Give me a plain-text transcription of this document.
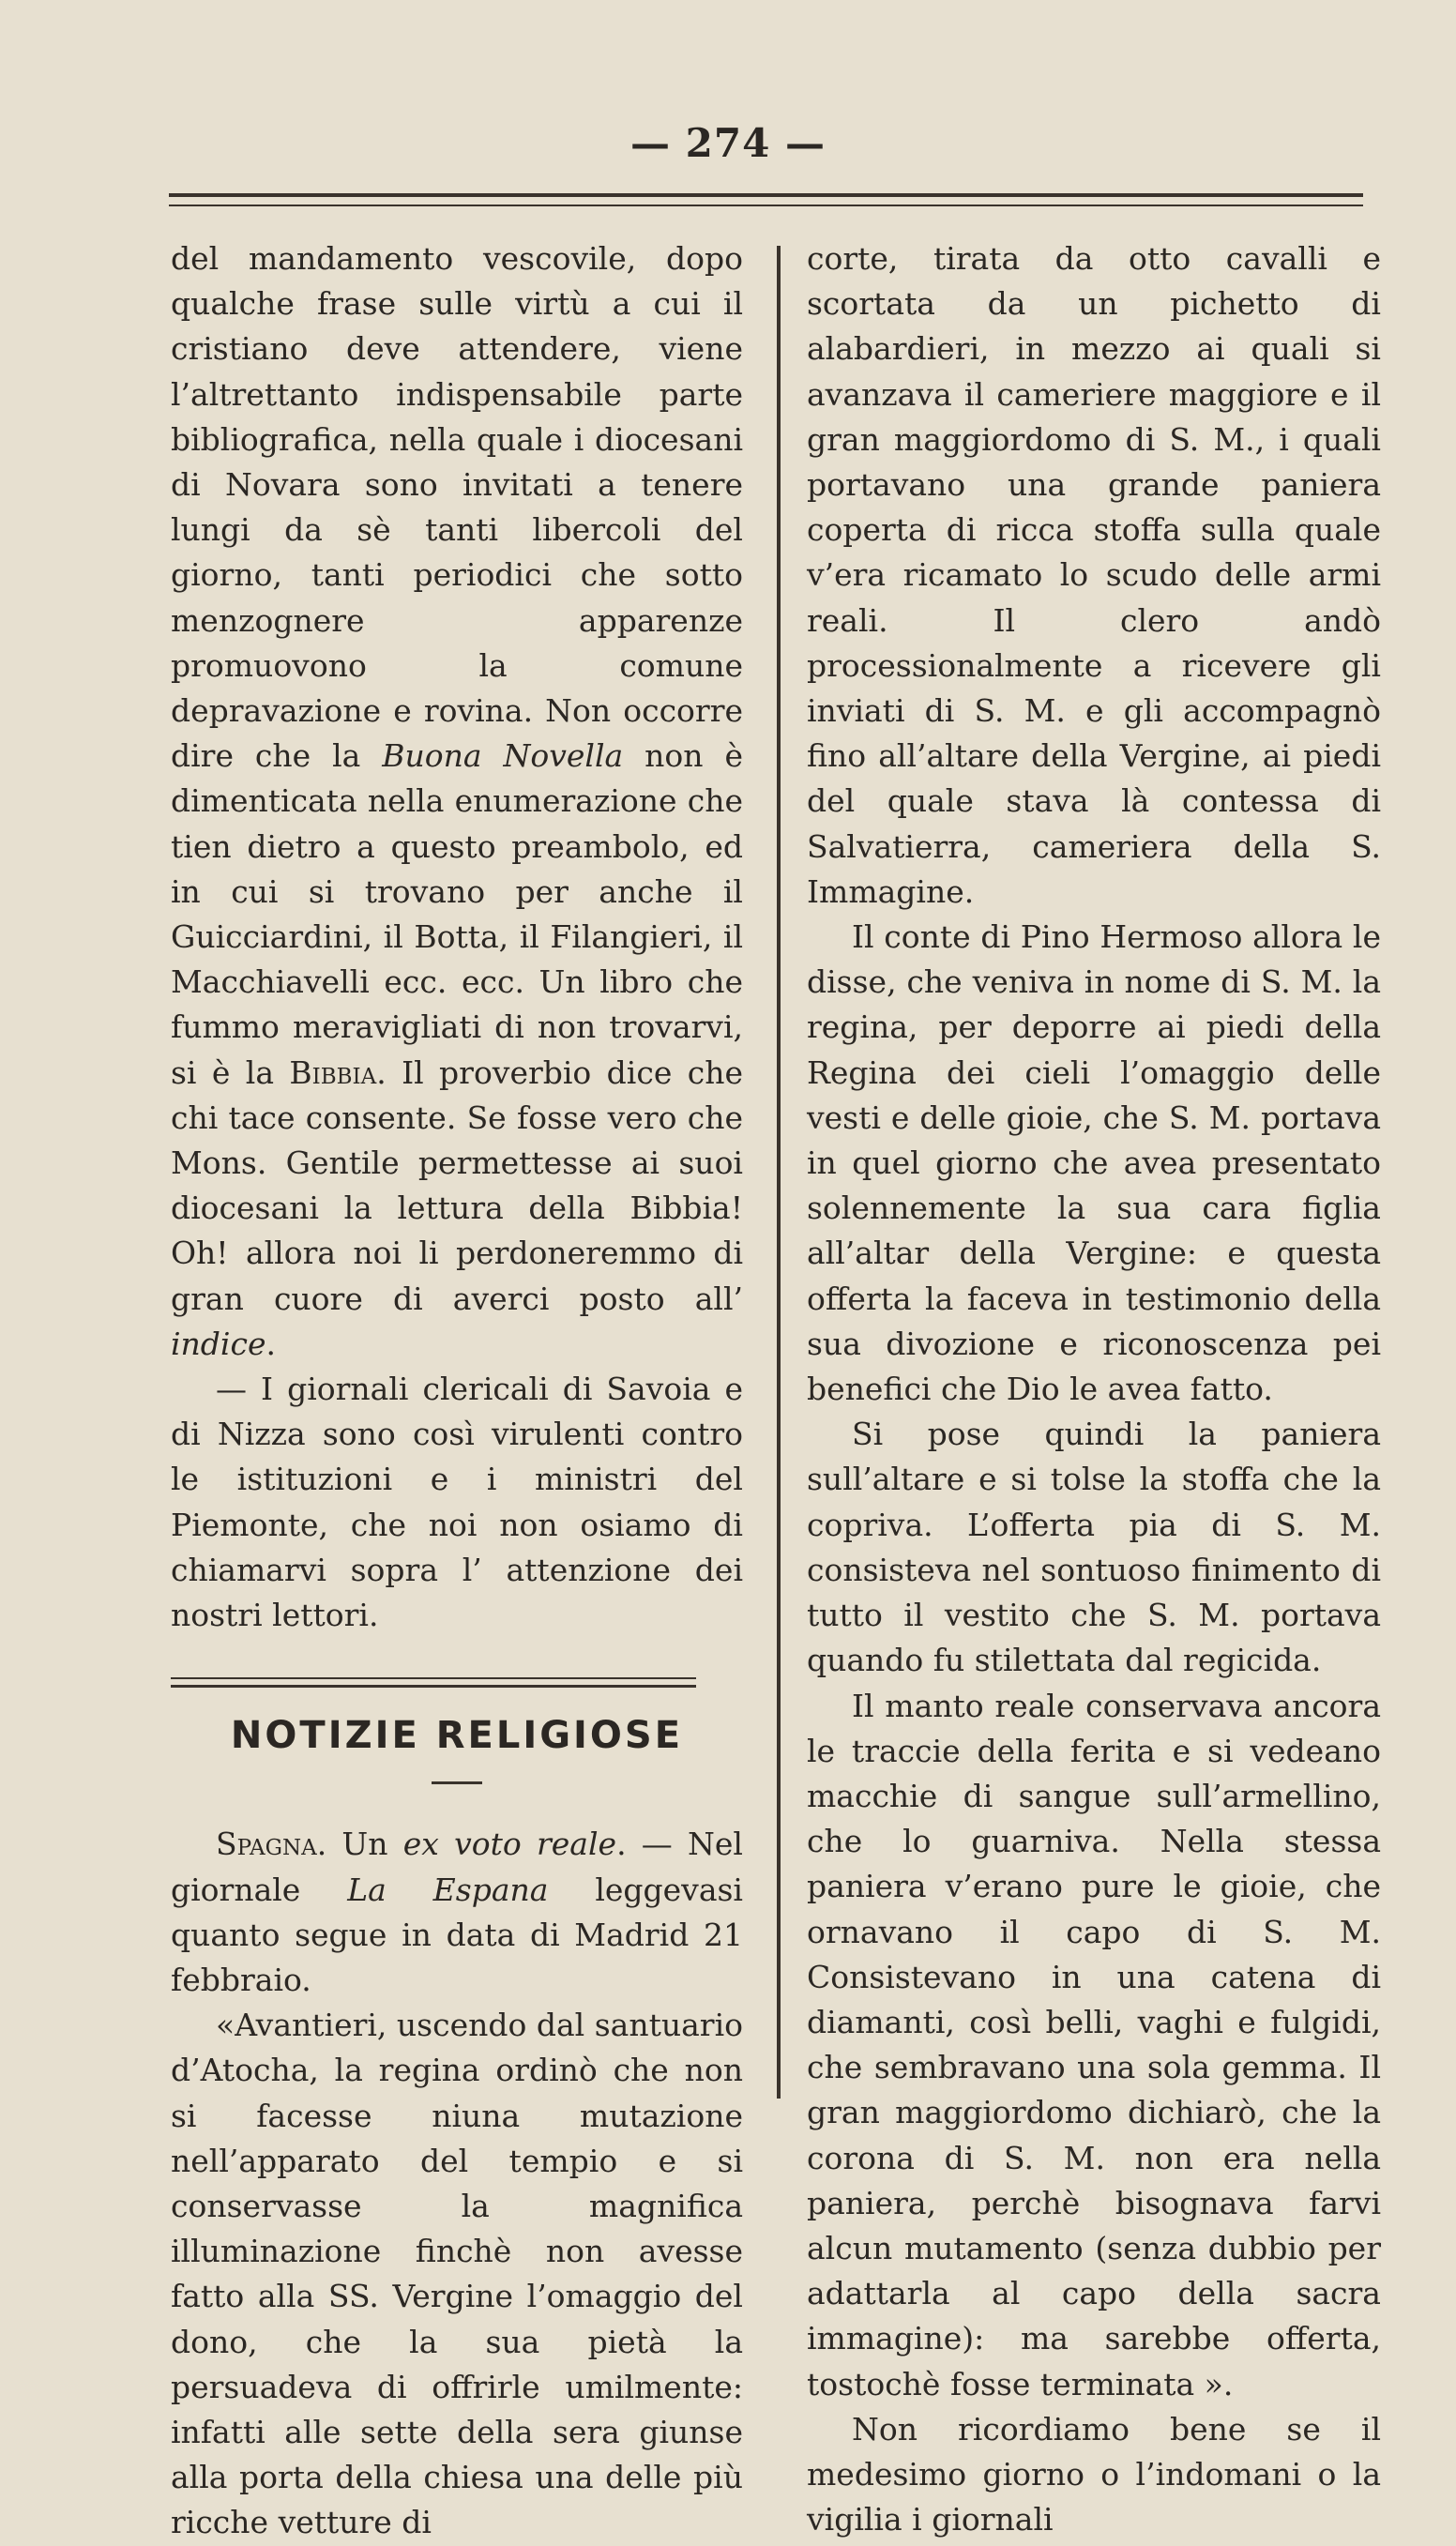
— 274 —

del mandamento vescovile, dopo qualche frase sulle virtù a cui il cristiano deve attendere, viene l’altrettanto indispensabile parte bibliografica, nella quale i diocesani di Novara sono invitati a tenere lungi da sè tanti libercoli del giorno, tanti periodici che sotto menzognere apparenze promuovono la comune depravazione e rovina. Non occorre dire che la Buona Novella non è dimenticata nella enumerazione che tien dietro a questo preambolo, ed in cui si trovano per anche il Guicciardini, il Botta, il Filangieri, il Macchiavelli ecc. ecc. Un libro che fummo meravigliati di non trovarvi, si è la Bibbia. Il proverbio dice che chi tace consente. Se fosse vero che Mons. Gentile permettesse ai suoi diocesani la lettura della Bibbia! Oh! allora noi li perdoneremmo di gran cuore di averci posto all’ indice.

— I giornali clericali di Savoia e di Nizza sono così virulenti contro le istituzioni e i ministri del Piemonte, che noi non osiamo di chiamarvi sopra l’ attenzione dei nostri lettori.

NOTIZIE RELIGIOSE

Spagna. Un ex voto reale. — Nel giornale La Espana leggevasi quanto segue in data di Madrid 21 febbraio.

«Avantieri, uscendo dal santuario d’Atocha, la regina ordinò che non si facesse niuna mutazione nell’apparato del tempio e si conservasse la magnifica illuminazione finchè non avesse fatto alla SS. Vergine l’omaggio del dono, che la sua pietà la persuadeva di offrirle umilmente: infatti alle sette della sera giunse alla porta della chiesa una delle più ricche vetture di

corte, tirata da otto cavalli e scortata da un pichetto di alabardieri, in mezzo ai quali si avanzava il cameriere maggiore e il gran maggiordomo di S. M., i quali portavano una grande paniera coperta di ricca stoffa sulla quale v’era ricamato lo scudo delle armi reali. Il clero andò processionalmente a ricevere gli inviati di S. M. e gli accompagnò fino all’altare della Vergine, ai piedi del quale stava là contessa di Salvatierra, cameriera della S. Immagine.

Il conte di Pino Hermoso allora le disse, che veniva in nome di S. M. la regina, per deporre ai piedi della Regina dei cieli l’omaggio delle vesti e delle gioie, che S. M. portava in quel giorno che avea presentato solennemente la sua cara figlia all’altar della Vergine: e questa offerta la faceva in testimonio della sua divozione e riconoscenza pei benefici che Dio le avea fatto.

Si pose quindi la paniera sull’altare e si tolse la stoffa che la copriva. L’offerta pia di S. M. consisteva nel sontuoso finimento di tutto il vestito che S. M. portava quando fu stilettata dal regicida.

Il manto reale conservava ancora le traccie della ferita e si vedeano macchie di sangue sull’armellino, che lo guarniva. Nella stessa paniera v’erano pure le gioie, che ornavano il capo di S. M. Consistevano in una catena di diamanti, così belli, vaghi e fulgidi, che sembravano una sola gemma. Il gran maggiordomo dichiarò, che la corona di S. M. non era nella paniera, perchè bisognava farvi alcun mutamento (senza dubbio per adattarla al capo della sacra immagine): ma sarebbe offerta, tostochè fosse terminata ».

Non ricordiamo bene se il medesimo giorno o l’indomani o la vigilia i giornali
